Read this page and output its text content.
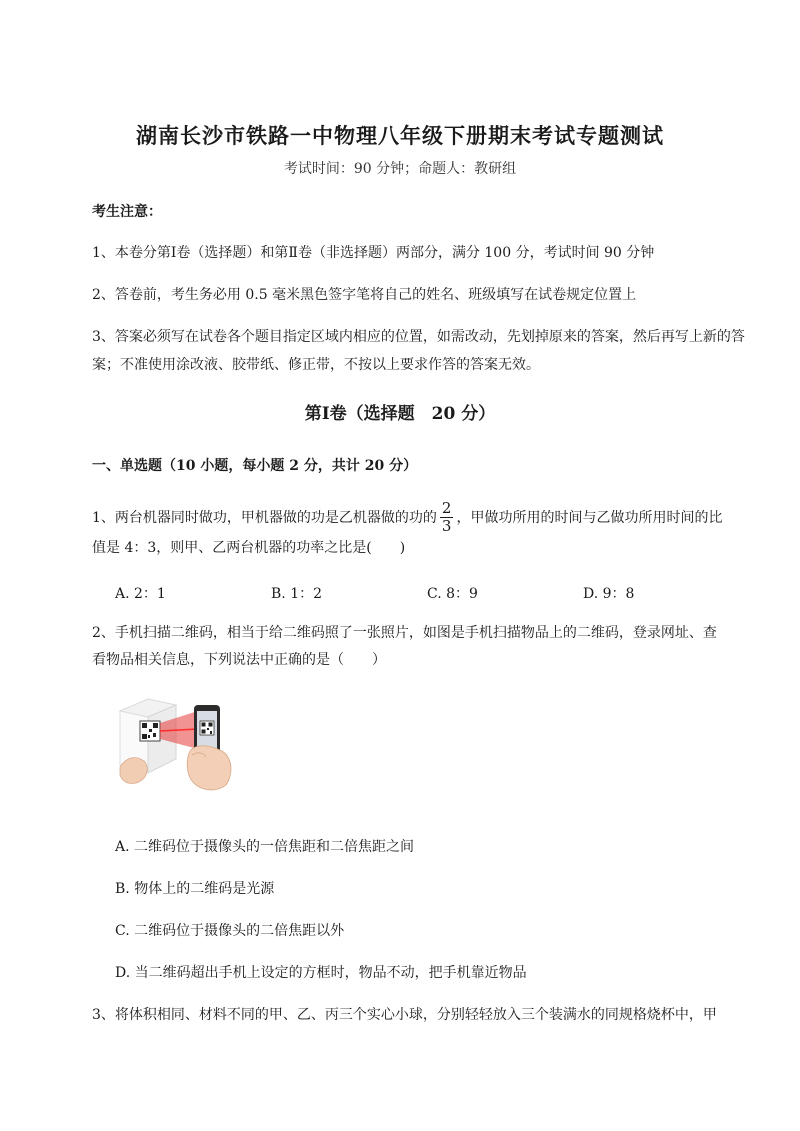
湖南长沙市铁路一中物理八年级下册期末考试专题测试
考试时间：90 分钟；命题人：教研组
考生注意：
1、本卷分第Ⅰ卷（选择题）和第Ⅱ卷（非选择题）两部分，满分 100 分，考试时间 90 分钟
2、答卷前，考生务必用 0.5 毫米黑色签字笔将自己的姓名、班级填写在试卷规定位置上
3、答案必须写在试卷各个题目指定区域内相应的位置，如需改动，先划掉原来的答案，然后再写上新的答案；不准使用涂改液、胶带纸、修正带，不按以上要求作答的答案无效。
第Ⅰ卷（选择题　20 分）
一、单选题（10 小题，每小题 2 分，共计 20 分）
1、两台机器同时做功，甲机器做的功是乙机器做的功的 $\frac{2}{3}$ ，甲做功所用的时间与乙做功所用时间的比
值是 4：3，则甲、乙两台机器的功率之比是(　　)
A. 2：1	B. 1：2	C. 8：9	D. 9：8
2、手机扫描二维码，相当于给二维码照了一张照片，如图是手机扫描物品上的二维码，登录网址、查
看物品相关信息，下列说法中正确的是（　　）
A. 二维码位于摄像头的一倍焦距和二倍焦距之间
B. 物体上的二维码是光源
C. 二维码位于摄像头的二倍焦距以外
D. 当二维码超出手机上设定的方框时，物品不动，把手机靠近物品
3、将体积相同、材料不同的甲、乙、丙三个实心小球，分别轻轻放入三个装满水的同规格烧杯中，甲
